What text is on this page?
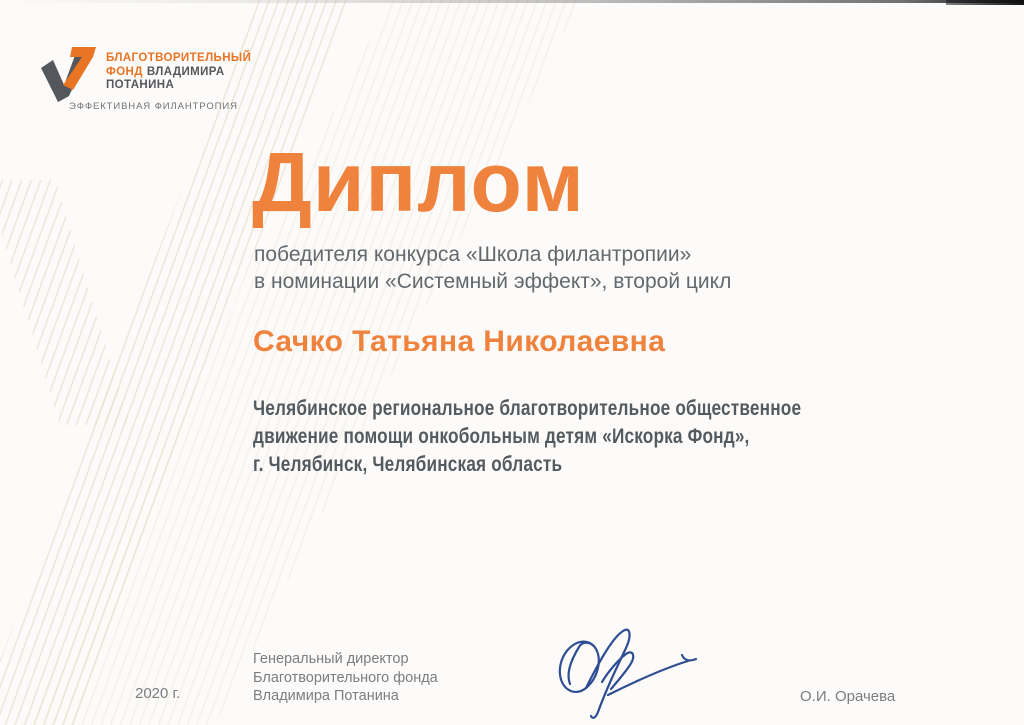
БЛАГОТВОРИТЕЛЬНЫЙ
ФОНД ВЛАДИМИРА
ПОТАНИНА
ЭФФЕКТИВНАЯ ФИЛАНТРОПИЯ
Диплом
победителя конкурса «Школа филантропии»
в номинации «Системный эффект», второй цикл
Сачко Татьяна Николаевна
Челябинское региональное благотворительное общественное
движение помощи онкобольным детям «Искорка Фонд»,
г. Челябинск, Челябинская область
2020 г.
Генеральный директор
Благотворительного фонда
Владимира Потанина	О.И. Орачева
